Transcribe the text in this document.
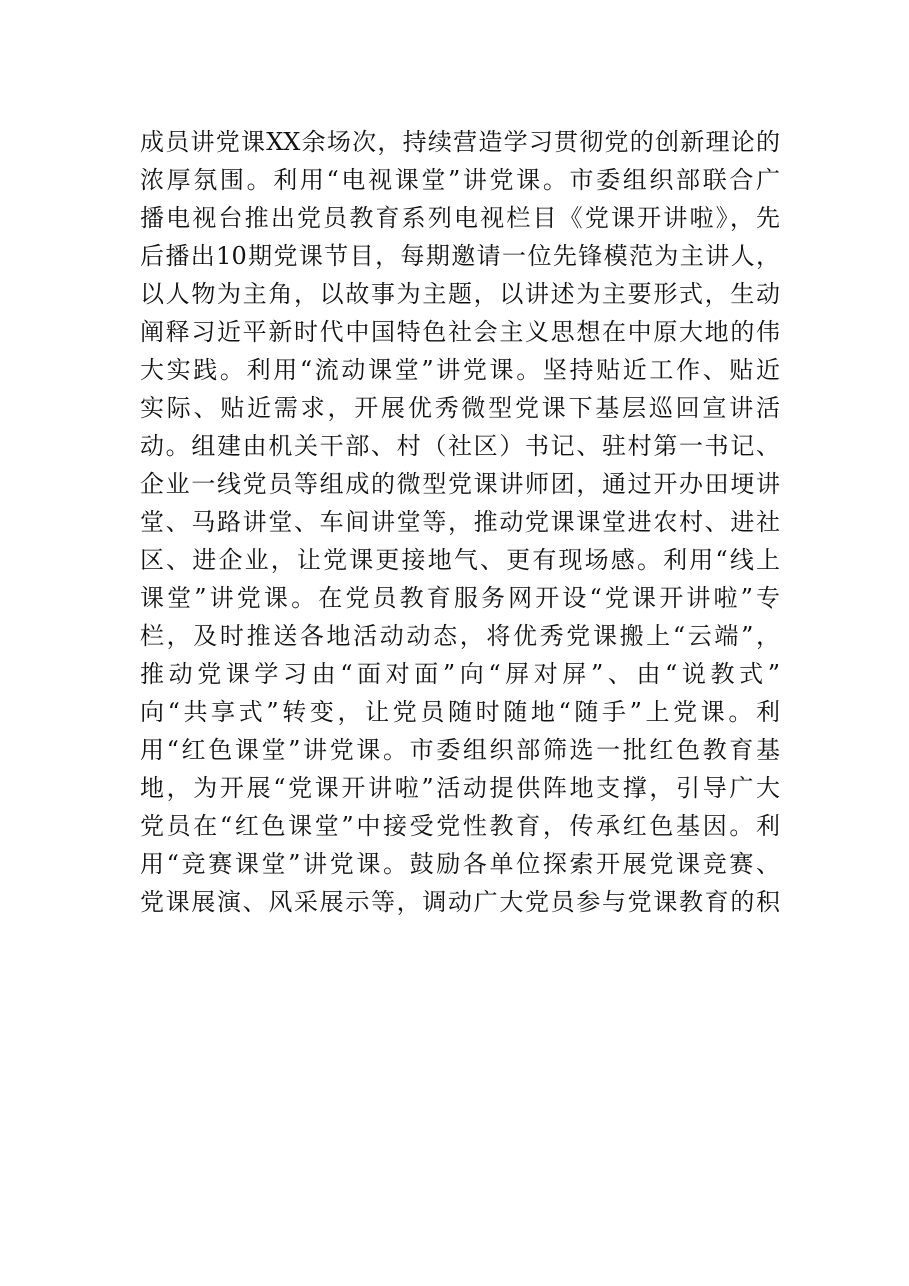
成员讲党课XX余场次，持续营造学习贯彻党的创新理论的
浓厚氛围。利用“电视课堂”讲党课。市委组织部联合广
播电视台推出党员教育系列电视栏目《党课开讲啦》，先
后播出10期党课节目，每期邀请一位先锋模范为主讲人，
以人物为主角，以故事为主题，以讲述为主要形式，生动
阐释习近平新时代中国特色社会主义思想在中原大地的伟
大实践。利用“流动课堂”讲党课。坚持贴近工作、贴近
实际、贴近需求，开展优秀微型党课下基层巡回宣讲活
动。组建由机关干部、村（社区）书记、驻村第一书记、
企业一线党员等组成的微型党课讲师团，通过开办田埂讲
堂、马路讲堂、车间讲堂等，推动党课课堂进农村、进社
区、进企业，让党课更接地气、更有现场感。利用“线上
课堂”讲党课。在党员教育服务网开设“党课开讲啦”专
栏，及时推送各地活动动态，将优秀党课搬上“云端”，
推动党课学习由“面对面”向“屏对屏”、由“说教式”
向“共享式”转变，让党员随时随地“随手”上党课。利
用“红色课堂”讲党课。市委组织部筛选一批红色教育基
地，为开展“党课开讲啦”活动提供阵地支撑，引导广大
党员在“红色课堂”中接受党性教育，传承红色基因。利
用“竞赛课堂”讲党课。鼓励各单位探索开展党课竞赛、
党课展演、风采展示等，调动广大党员参与党课教育的积
